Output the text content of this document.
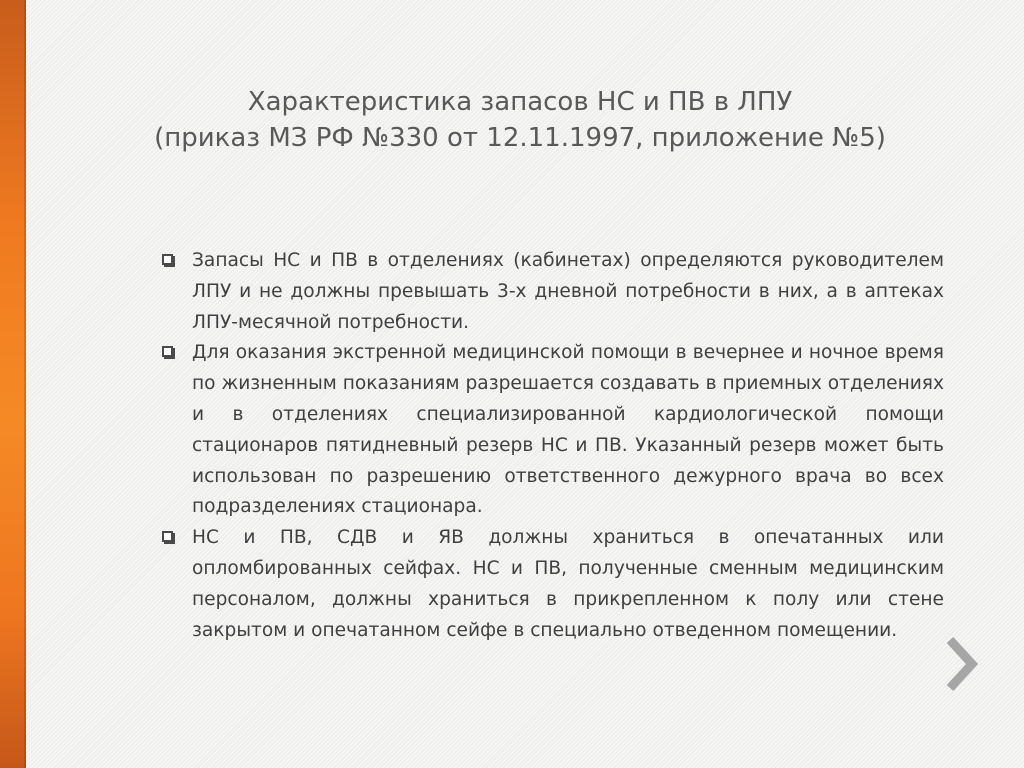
Характеристика запасов НС и ПВ в ЛПУ
(приказ МЗ РФ №330 от 12.11.1997, приложение №5)
Запасы НС и ПВ в отделениях (кабинетах) определяются руководителем ЛПУ и не должны превышать 3-х дневной потребности в них, а в аптеках ЛПУ-месячной потребности.
Для оказания экстренной медицинской помощи в вечернее и ночное время по жизненным показаниям разрешается создавать в приемных отделениях и в отделениях специализированной кардиологической помощи стационаров пятидневный резерв НС и ПВ. Указанный резерв может быть использован по разрешению ответственного дежурного врача во всех подразделениях стационара.
НС и ПВ, СДВ и ЯВ должны храниться в опечатанных или опломбированных сейфах. НС и ПВ, полученные сменным медицинским персоналом, должны храниться в прикрепленном к полу или стене закрытом и опечатанном сейфе в специально отведенном помещении.
